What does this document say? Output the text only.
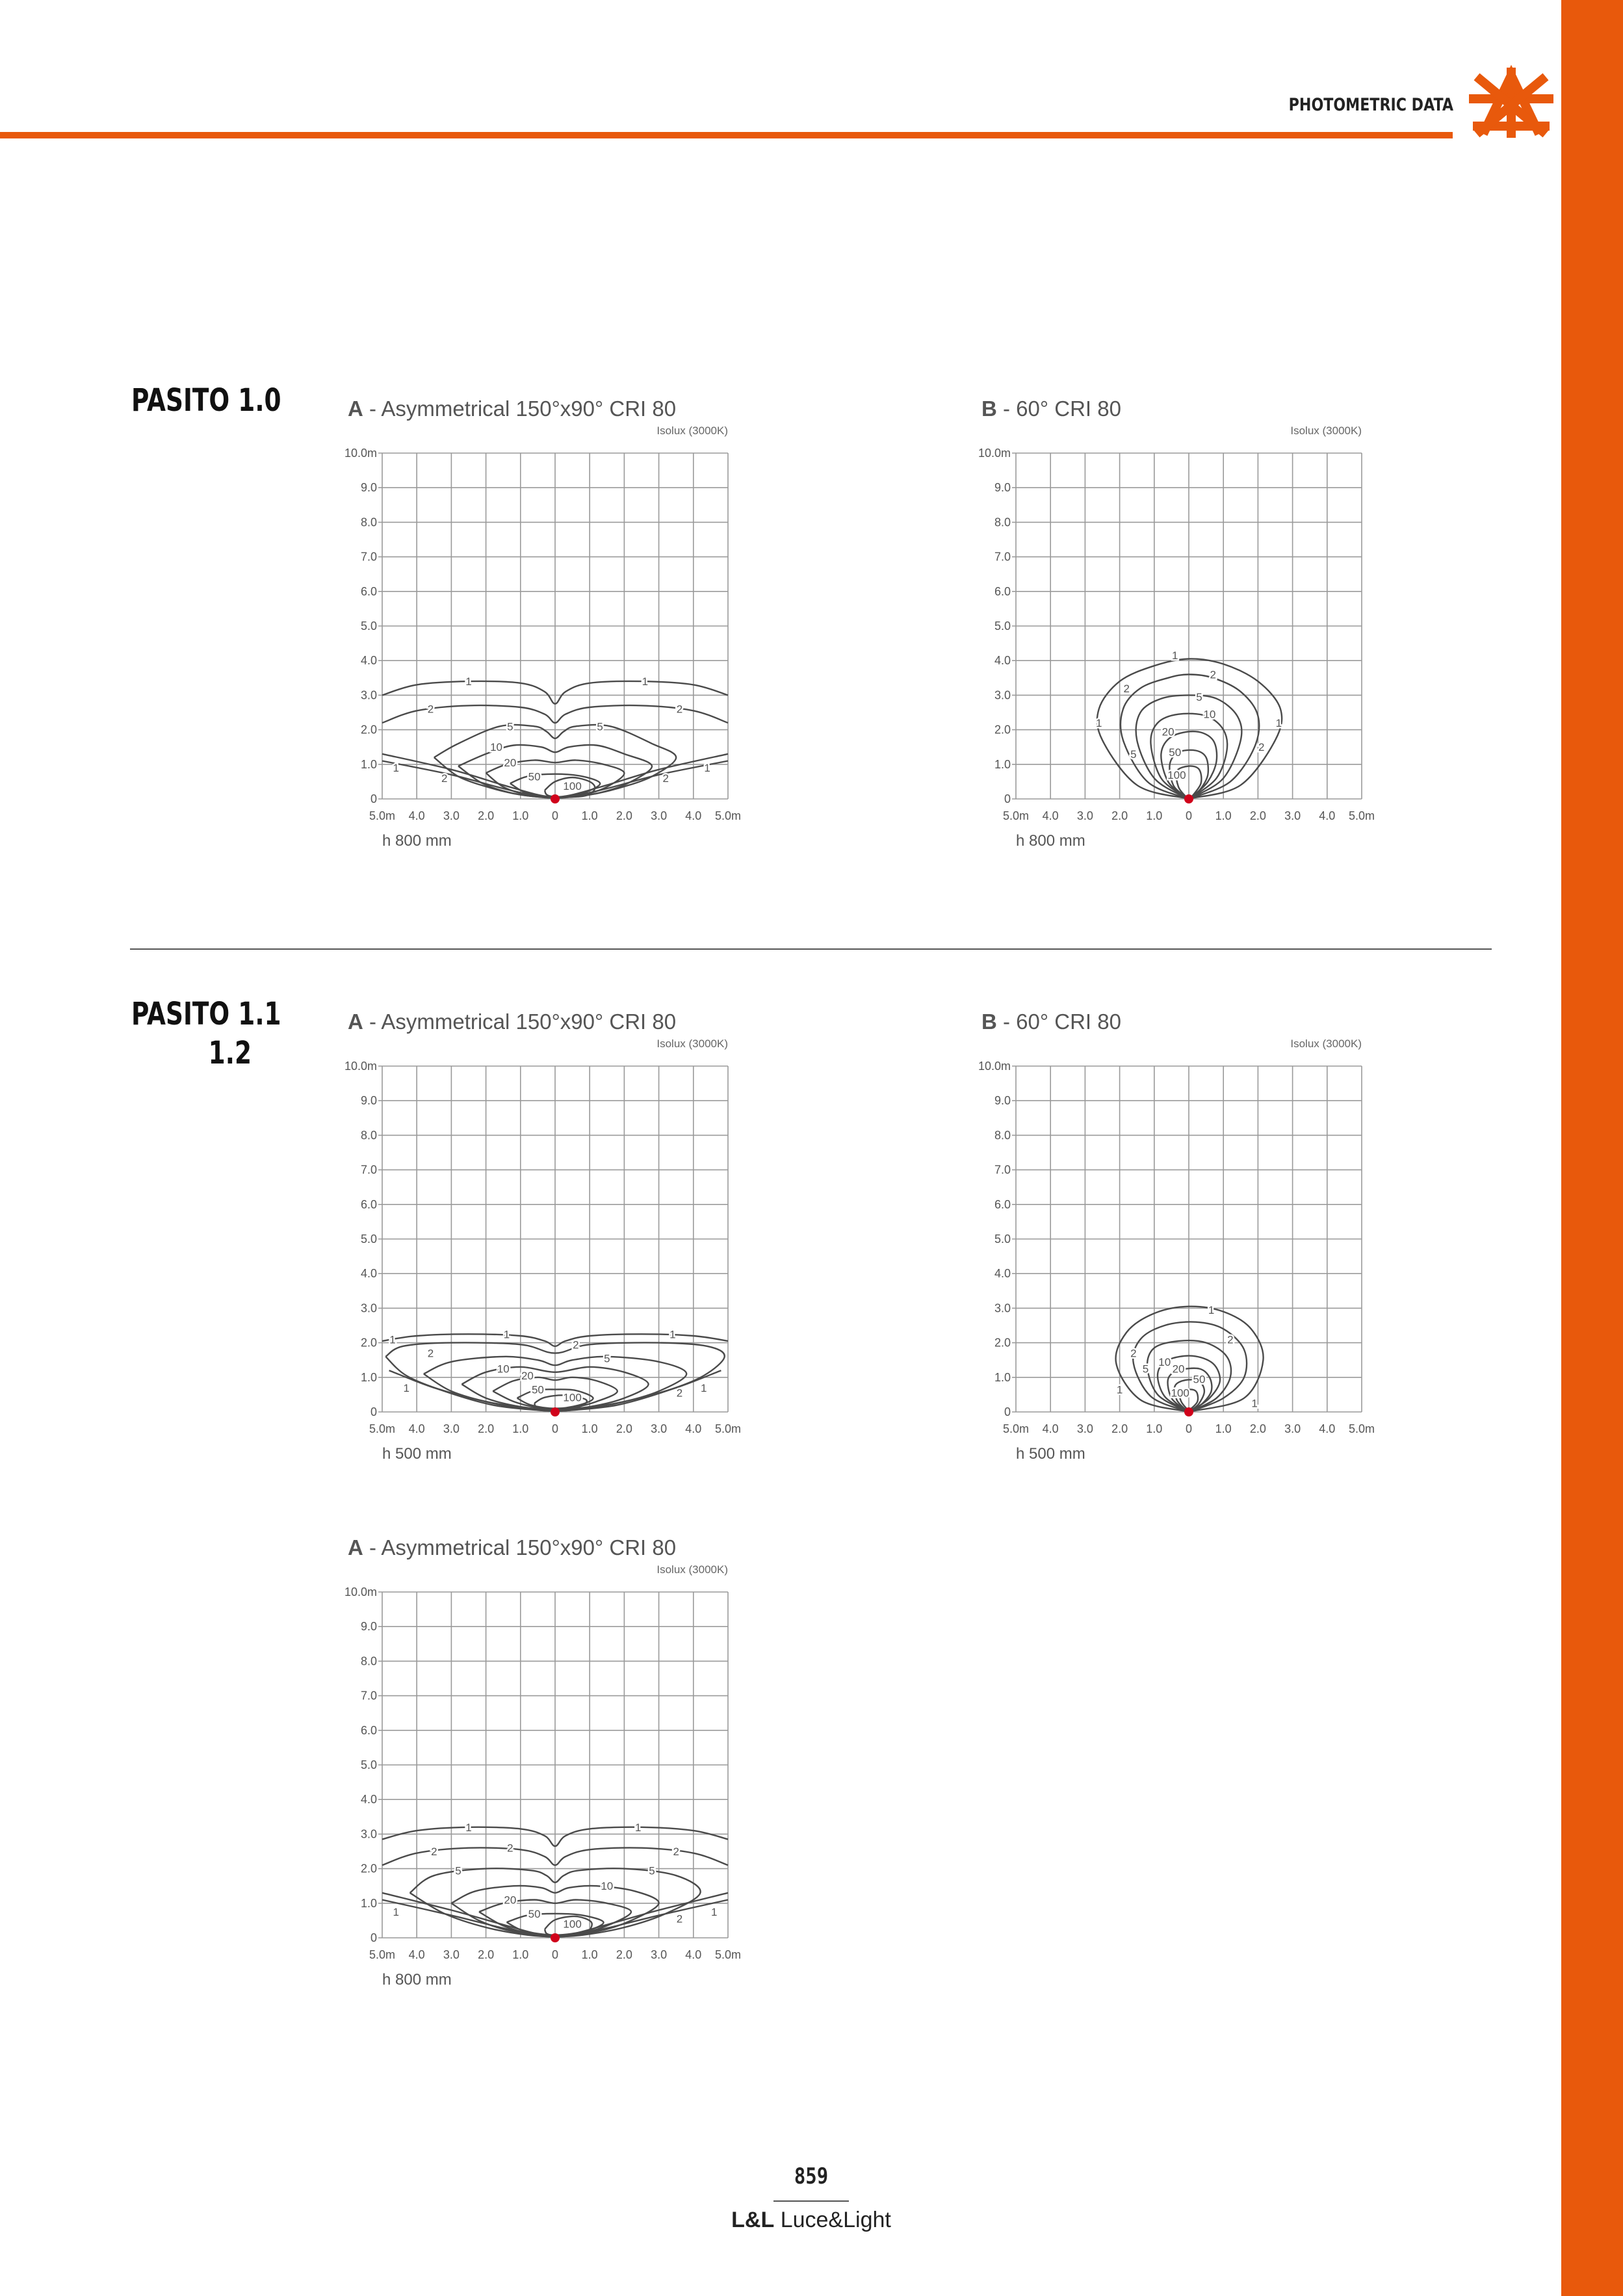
PHOTOMETRIC DATA
PASITO 1.0
PASITO 1.1
1.2
A - Asymmetrical 150°x90° CRI 80
Isolux (3000K)
5.0m 4.0 3.0 2.0 1.0 0 1.0 2.0 3.0 4.0 5.0m
0
1.0
2.0
3.0
4.0
5.0
6.0
7.0
8.0
9.0
10.0m
h 800 mm
1	1
2	2
5	5
10
20
50
100
1
2	2
1
B - 60° CRI 80
Isolux (3000K)
5.0m 4.0 3.0 2.0 1.0 0 1.0 2.0 3.0 4.0 5.0m
0
1.0
2.0
3.0
4.0
5.0
6.0
7.0
8.0
9.0
10.0m
h 800 mm
1
1	1
2
2
2
5
5
10
20
50
100
A - Asymmetrical 150°x90° CRI 80
Isolux (3000K)
5.0m 4.0 3.0 2.0 1.0 0 1.0 2.0 3.0 4.0 5.0m
0
1.0
2.0
3.0
4.0
5.0
6.0
7.0
8.0
9.0
10.0m
h 500 mm
1	1	1
2
2
5
10
20
50
100	2 1
1
B - 60° CRI 80
Isolux (3000K)
5.0m 4.0 3.0 2.0 1.0 0 1.0 2.0 3.0 4.0 5.0m
0
1.0
2.0
3.0
4.0
5.0
6.0
7.0
8.0
9.0
10.0m
h 500 mm
1
2
2
1
5
10
20
50
100
1
A - Asymmetrical 150°x90° CRI 80
Isolux (3000K)
5.0m 4.0 3.0 2.0 1.0 0 1.0 2.0 3.0 4.0 5.0m
0
1.0
2.0
3.0
4.0
5.0
6.0
7.0
8.0
9.0
10.0m
h 800 mm
1	1
2	2	2
5	5
10
20
50
100
1
2
1
859
L&L Luce&Light
